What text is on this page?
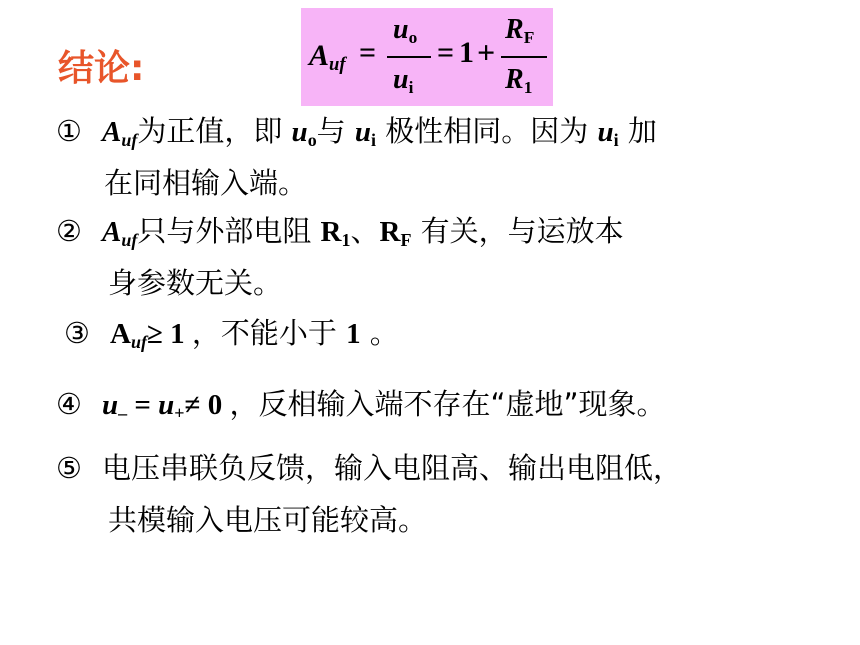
结论:	Auf =
uo
ui
= 1 +
RF
R1
① Auf为正值，即 uo与 ui 极性相同。因为 ui 加
在同相输入端。
② Auf只与外部电阻 R1、RF 有关，与运放本
身参数无关。
③ Auf≥ 1 ，不能小于 1 。
④ u– = u+≠ 0 ，反相输入端不存在“虚地”现象。
⑤ 电压串联负反馈，输入电阻高、输出电阻低，
共模输入电压可能较高。
